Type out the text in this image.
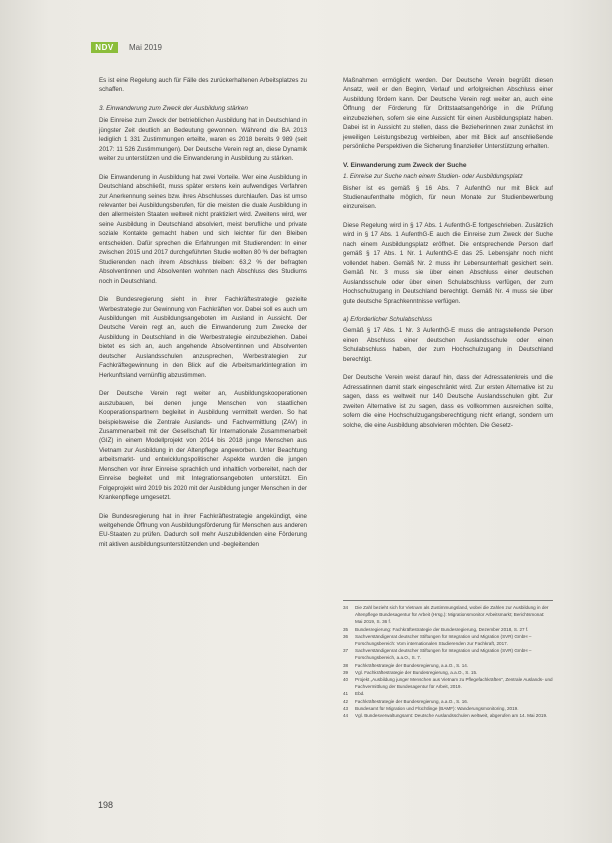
NDV	Mai 2019

Es ist eine Regelung auch für Fälle des zurückerhaltenen Arbeitsplatzes zu schaffen.

3. Einwanderung zum Zweck der Ausbildung stärken

Die Einreise zum Zweck der betrieblichen Ausbildung hat in Deutschland in jüngster Zeit deutlich an Bedeutung gewonnen. Während die BA 2013 lediglich 1 331 Zustimmungen erteilte, waren es 2018 bereits 9 989 (seit 2017: 11 526 Zustimmungen). Der Deutsche Verein regt an, diese Dynamik weiter zu unterstützen und die Einwanderung in Ausbildung zu stärken.

Die Einwanderung in Ausbildung hat zwei Vorteile. Wer eine Ausbildung in Deutschland abschließt, muss später erstens kein aufwendiges Verfahren zur Anerkennung seines bzw. ihres Abschlusses durchlaufen. Das ist umso relevanter bei Ausbildungsberufen, für die meisten die duale Ausbildung in den allermeisten Staaten weltweit nicht praktiziert wird. Zweitens wird, wer seine Ausbildung in Deutschland absolviert, meist berufliche und private soziale Kontakte gemacht haben und sich leichter für den Bleiben entscheiden. Dafür sprechen die Erfahrungen mit Studierenden: In einer zwischen 2015 und 2017 durchgeführten Studie wollten 80 % der befragten Studierenden nach ihrem Abschluss bleiben: 63,2 % der befragten Absolventinnen und Absolventen wohnten nach Abschluss des Studiums noch in Deutschland.

Die Bundesregierung sieht in ihrer Fachkräftestrategie gezielte Werbestrategie zur Gewinnung von Fachkräften vor. Dabei soll es auch um Ausbildungen mit Ausbildungsangeboten im Ausland in Aussicht. Der Deutsche Verein regt an, auch die Einwanderung zum Zwecke der Ausbildung in Deutschland in die Werbestrategie einzubeziehen. Dabei bietet es sich an, auch angehende Absolventinnen und Absolventen deutscher Auslandsschulen anzusprechen, Werbestrategien zur Fachkräftegewinnung in den Blick auf die Arbeitsmarktintegration im Herkunftsland vernünftig abzustimmen.

Der Deutsche Verein regt weiter an, Ausbildungskooperationen auszubauen, bei denen junge Menschen von staatlichen Kooperationspartnern begleitet in Ausbildung vermittelt werden. So hat beispielsweise die Zentrale Auslands- und Fachvermittlung (ZAV) in Zusammenarbeit mit der Gesellschaft für Internationale Zusammenarbeit (GIZ) in einem Modellprojekt von 2014 bis 2018 junge Menschen aus Vietnam zur Ausbildung in der Altenpflege angeworben. Unter Beachtung arbeitsmarkt- und entwicklungspolitischer Aspekte wurden die jungen Menschen vor ihrer Einreise sprachlich und inhaltlich vorbereitet, nach der Einreise begleitet und mit Integrationsangeboten unterstützt. Ein Folgeprojekt wird 2019 bis 2020 mit der Ausbildung junger Menschen in der Krankenpflege umgesetzt.

Die Bundesregierung hat in ihrer Fachkräftestrategie angekündigt, eine weitgehende Öffnung von Ausbildungsförderung für Menschen aus anderen EU-Staaten zu prüfen. Dadurch soll mehr Auszubildenden eine Förderung mit aktiven ausbildungsunterstützenden und -begleitenden

Maßnahmen ermöglicht werden. Der Deutsche Verein begrüßt diesen Ansatz, weil er den Beginn, Verlauf und erfolgreichen Abschluss einer Ausbildung fördern kann. Der Deutsche Verein regt weiter an, auch eine Öffnung der Förderung für Drittstaatsangehörige in die Prüfung einzubeziehen, sofern sie eine Aussicht für einen Ausbildungsplatz haben. Dabei ist in Aussicht zu stellen, dass die Bezieherinnen zwar zunächst im jeweiligen Leistungsbezug verbleiben, aber mit Blick auf anschließende persönliche Perspektiven die Sicherung finanzieller Unterstützung erhalten.

V. Einwanderung zum Zweck der Suche
1. Einreise zur Suche nach einem Studien- oder Ausbildungsplatz

Bisher ist es gemäß § 16 Abs. 7 AufenthG nur mit Blick auf Studienaufenthalte möglich, für neun Monate zur Studienbewerbung einzureisen.

Diese Regelung wird in § 17 Abs. 1 AufenthG-E fortgeschrieben. Zusätzlich wird in § 17 Abs. 1 AufenthG-E auch die Einreise zum Zweck der Suche nach einem Ausbildungsplatz eröffnet. Die entsprechende Person darf gemäß § 17 Abs. 1 Nr. 1 AufenthG-E das 25. Lebensjahr noch nicht vollendet haben. Gemäß Nr. 2 muss ihr Lebensunterhalt gesichert sein. Gemäß Nr. 3 muss sie über einen Abschluss einer deutschen Auslandsschule oder über einen Schulabschluss verfügen, der zum Hochschulzugang in Deutschland berechtigt. Gemäß Nr. 4 muss sie über gute deutsche Sprachkenntnisse verfügen.

a) Erforderlicher Schulabschluss

Gemäß § 17 Abs. 1 Nr. 3 AufenthG-E muss die antragstellende Person einen Abschluss einer deutschen Auslandsschule oder einen Schulabschluss haben, der zum Hochschulzugang in Deutschland berechtigt.

Der Deutsche Verein weist darauf hin, dass der Adressatenkreis und die Adressatinnen damit stark eingeschränkt wird. Zur ersten Alternative ist zu sagen, dass es weltweit nur 140 Deutsche Auslandsschulen gibt. Zur zweiten Alternative ist zu sagen, dass es vollkommen ausreichen sollte, sofern die eine Hochschulzugangsberechtigung nicht erlangt, sondern um solche, die eine Ausbildung absolvieren möchten. Die Gesetz-

34	Die Zahl bezieht sich für Vietnam als Zustimmungsland, wobei die Zahlen zur Ausbildung in der Altenpflege Bundesagentur für Arbeit (Hrsg.): Migrationsmonitor Arbeitsmarkt; Berichtsmonat: Mai 2019, S. 36 f.
35	Bundesregierung: Fachkräftestrategie der Bundesregierung, Dezember 2018, S. 27 f.
36	Sachverständigenrat deutscher Stiftungen für Integration und Migration (SVR) GmbH – Forschungsbereich: Vom internationalen Studierenden zur Fachkraft, 2017.
37	Sachverständigenrat deutscher Stiftungen für Integration und Migration (SVR) GmbH – Forschungsbereich, a.a.O., S. 7.
38	Fachkräftestrategie der Bundesregierung, a.a.O., S. 14.
39	Vgl. Fachkräftestrategie der Bundesregierung, a.a.O., S. 15.
40	Projekt „Ausbildung junger Menschen aus Vietnam zu Pflegefachkräften“, Zentrale Auslands- und Fachvermittlung der Bundesagentur für Arbeit, 2019.
41	Ebd.
42	Fachkräftestrategie der Bundesregierung, a.a.O., S. 16.
43	Bundesamt für Migration und Flüchtlinge (BAMF): Wanderungsmonitoring, 2019.
44	Vgl. Bundesverwaltungsamt: Deutsche Auslandsschulen weltweit, abgerufen am 14. Mai 2019.
198
